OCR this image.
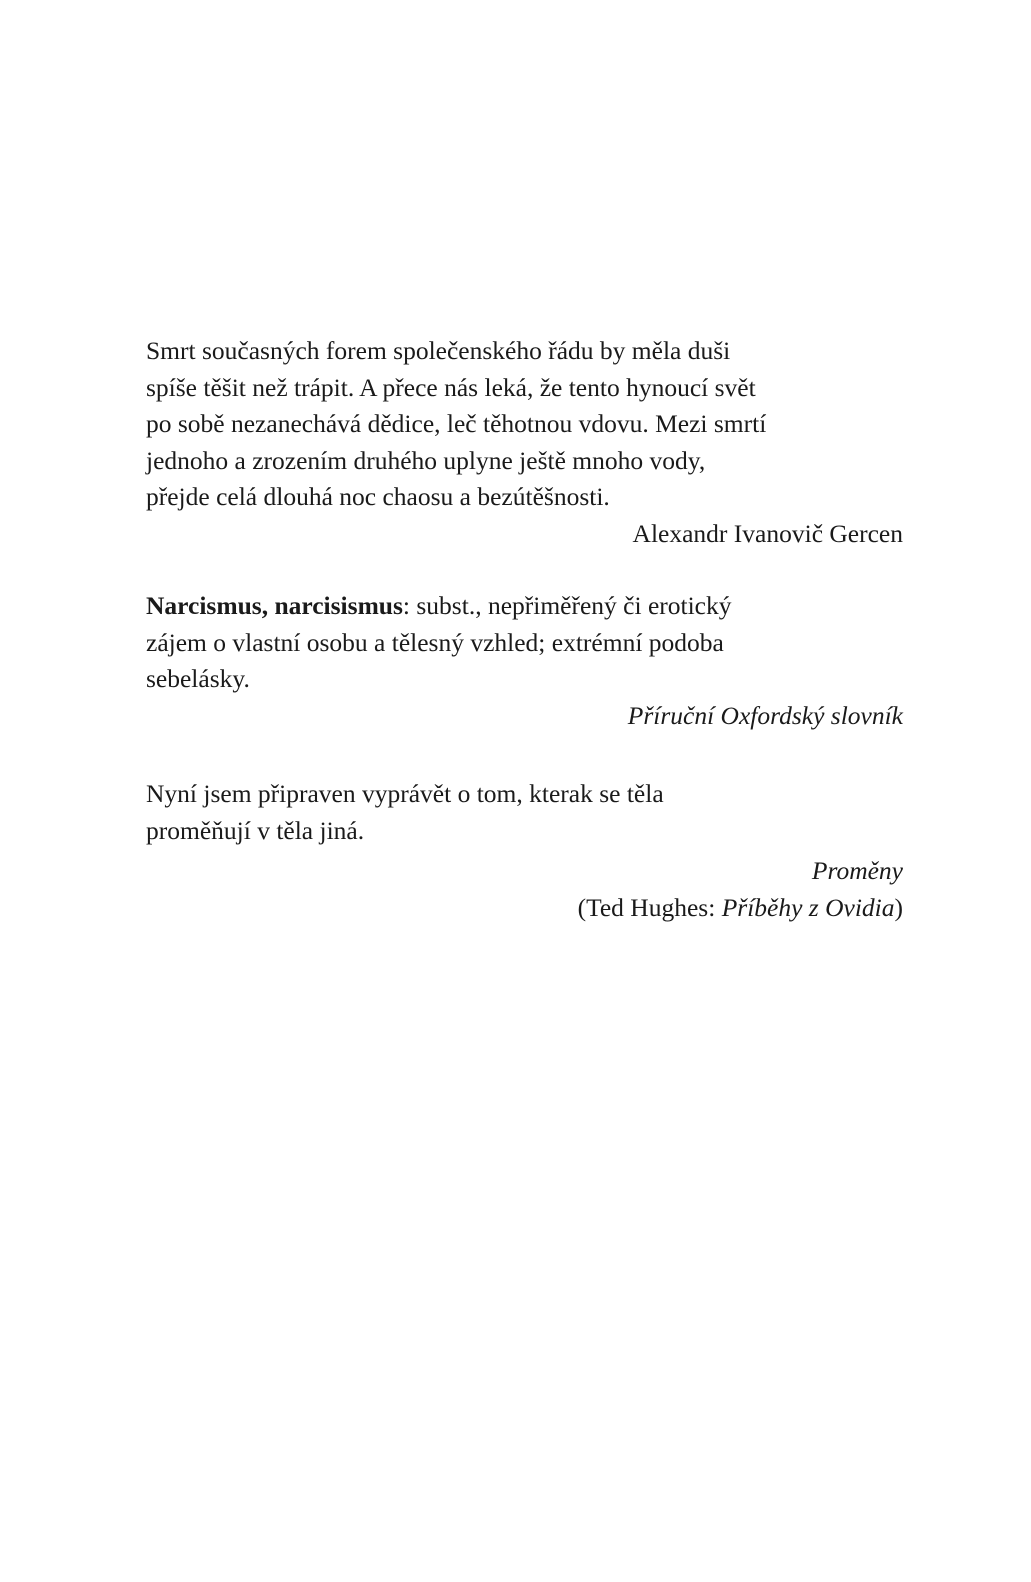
Smrt současných forem společenského řádu by měla duši
spíše těšit než trápit. A přece nás leká, že tento hynoucí svět
po sobě nezanechává dědice, leč těhotnou vdovu. Mezi smrtí
jednoho a zrozením druhého uplyne ještě mnoho vody,
přejde celá dlouhá noc chaosu a bezútěšnosti.
Alexandr Ivanovič Gercen
Narcismus, narcisismus: subst., nepřiměřený či erotický
zájem o vlastní osobu a tělesný vzhled; extrémní podoba
sebelásky.
Příruční Oxfordský slovník
Nyní jsem připraven vyprávět o tom, kterak se těla
proměňují v těla jiná.
Proměny
(Ted Hughes: Příběhy z Ovidia)
